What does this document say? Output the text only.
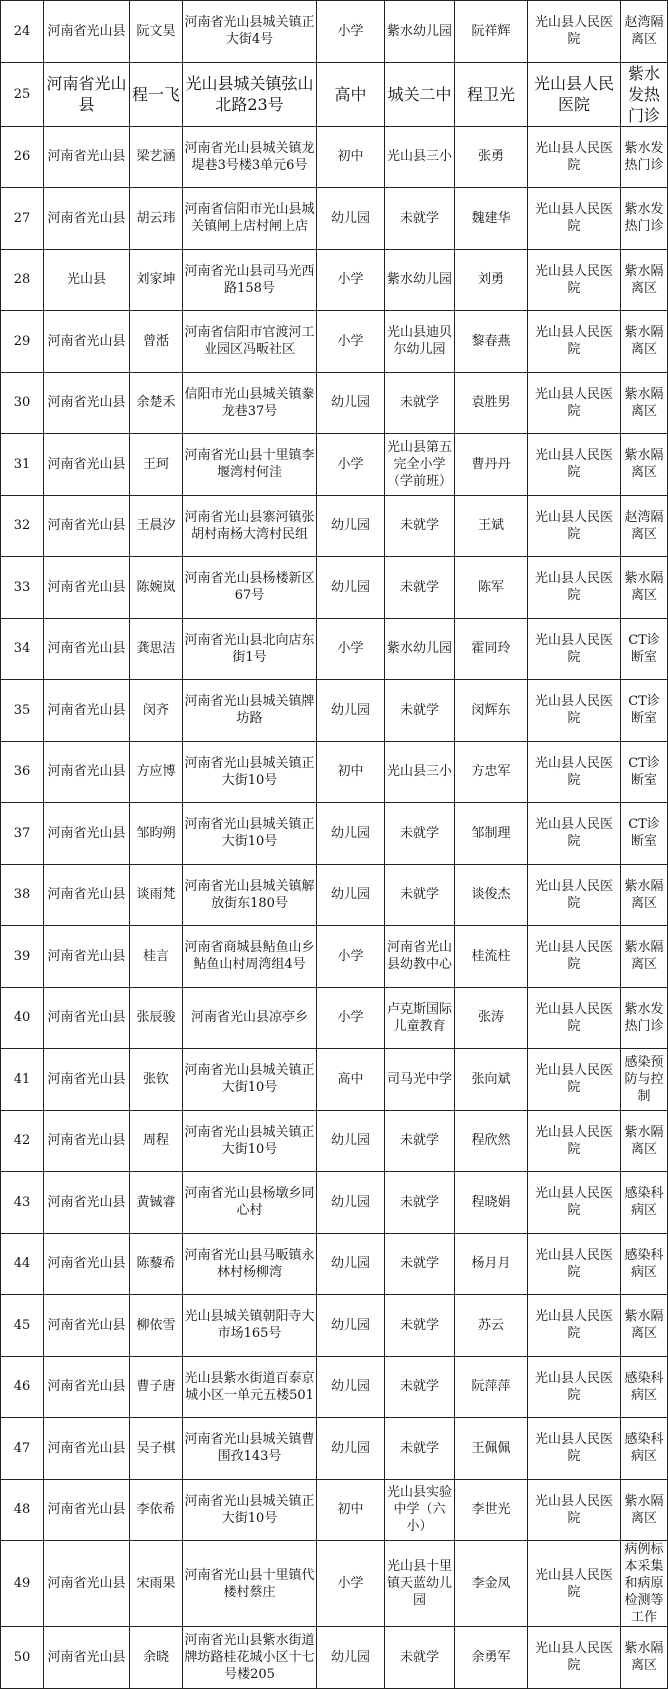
24	河南省光山县	阮文昊	河南省光山县城关镇正大街4号	小学	紫水幼儿园	阮祥辉	光山县人民医院	赵湾隔离区
25	河南省光山县	程一飞	光山县城关镇弦山北路23号	高中	城关二中	程卫光	光山县人民医院	紫水发热门诊
26	河南省光山县	梁艺涵	河南省光山县城关镇龙堤巷3号楼3单元6号	初中	光山县三小	张勇	光山县人民医院	紫水发热门诊
27	河南省光山县	胡云玮	河南省信阳市光山县城关镇闸上店村闸上店	幼儿园	未就学	魏建华	光山县人民医院	紫水发热门诊
28	光山县	刘家坤	河南省光山县司马光西路158号	小学	紫水幼儿园	刘勇	光山县人民医院	紫水隔离区
29	河南省光山县	曾湉	河南省信阳市官渡河工业园区冯畈社区	小学	光山县迪贝尔幼儿园	黎春燕	光山县人民医院	紫水隔离区
30	河南省光山县	余楚禾	信阳市光山县城关镇豢龙巷37号	幼儿园	未就学	袁胜男	光山县人民医院	紫水隔离区
31	河南省光山县	王珂	河南省光山县十里镇李堰湾村何洼	小学	光山县第五完全小学（学前班）	曹丹丹	光山县人民医院	紫水隔离区
32	河南省光山县	王晨汐	河南省光山县寨河镇张胡村南杨大湾村民组	幼儿园	未就学	王斌	光山县人民医院	赵湾隔离区
33	河南省光山县	陈婉岚	河南省光山县杨楼新区67号	幼儿园	未就学	陈军	光山县人民医院	紫水隔离区
34	河南省光山县	龚思洁	河南省光山县北向店东街1号	小学	紫水幼儿园	霍同玲	光山县人民医院	CT诊断室
35	河南省光山县	闵齐	河南省光山县城关镇牌坊路	幼儿园	未就学	闵辉东	光山县人民医院	CT诊断室
36	河南省光山县	方应博	河南省光山县城关镇正大街10号	初中	光山县三小	方忠军	光山县人民医院	CT诊断室
37	河南省光山县	邹昀朔	河南省光山县城关镇正大街10号	幼儿园	未就学	邹制理	光山县人民医院	CT诊断室
38	河南省光山县	谈雨梵	河南省光山县城关镇解放街东180号	幼儿园	未就学	谈俊杰	光山县人民医院	紫水隔离区
39	河南省光山县	桂言	河南省商城县鲇鱼山乡鲇鱼山村周湾组4号	小学	河南省光山县幼教中心	桂流柱	光山县人民医院	紫水隔离区
40	河南省光山县	张辰骏	河南省光山县凉亭乡	小学	卢克斯国际儿童教育	张涛	光山县人民医院	紫水发热门诊
41	河南省光山县	张钦	河南省光山县城关镇正大街10号	高中	司马光中学	张向斌	光山县人民医院	感染预防与控制
42	河南省光山县	周程	河南省光山县城关镇正大街10号	幼儿园	未就学	程欣然	光山县人民医院	紫水隔离区
43	河南省光山县	黄铖睿	河南省光山县杨墩乡同心村	幼儿园	未就学	程晓娟	光山县人民医院	感染科病区
44	河南省光山县	陈藜希	河南省光山县马畈镇永林村杨柳湾	幼儿园	未就学	杨月月	光山县人民医院	感染科病区
45	河南省光山县	柳依雪	光山县城关镇朝阳寺大市场165号	幼儿园	未就学	苏云	光山县人民医院	紫水隔离区
46	河南省光山县	曹子唐	光山县紫水街道百泰京城小区一单元五楼501	幼儿园	未就学	阮萍萍	光山县人民医院	感染科病区
47	河南省光山县	吴子棋	河南省光山县城关镇曹围孜143号	幼儿园	未就学	王佩佩	光山县人民医院	感染科病区
48	河南省光山县	李依希	河南省光山县城关镇正大街10号	初中	光山县实验中学（六小）	李世光	光山县人民医院	紫水隔离区
49	河南省光山县	宋雨果	河南省光山县十里镇代楼村蔡庄	小学	光山县十里镇天蓝幼儿园	李金凤	光山县人民医院	病例标本采集和病原检测等工作
50	河南省光山县	余晓	河南省光山县紫水街道牌坊路桂花城小区十七号楼205	幼儿园	未就学	余勇军	光山县人民医院	紫水隔离区
